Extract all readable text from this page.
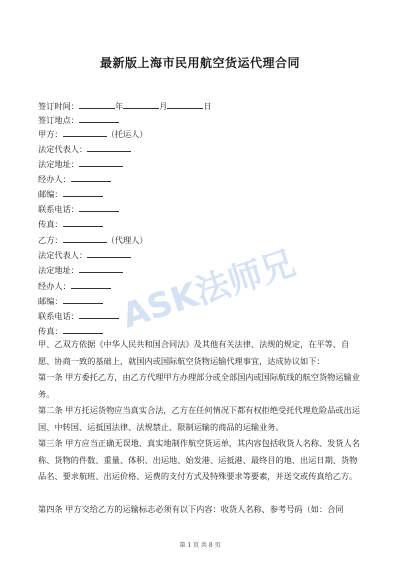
最新版上海市民用航空货运代理合同
签订时间：	年	月	日
签订地点：
甲方：	（托运人）
法定代表人：
法定地址：
经办人：
邮编：
联系电话：
传真：
乙方：	（代理人）
法定代表人：
法定地址：
经办人：
邮编：
联系电话：
传真：
甲、乙双方依据《中华人民共和国合同法》及其他有关法律、法规的规定，在平等、自愿、协商一致的基础上，就国内或国际航空货物运输代理事宜，达成协议如下：
第一条 甲方委托乙方，由乙方代理甲方办理部分或全部国内或国际航线的航空货物运输业务。
第二条 甲方托运货物应当真实合法，乙方在任何情况下都有权拒绝受托代理危险品或出运国、中转国、运抵国法律、法规禁止、限制运输的商品的运输业务。
第三条 甲方应当正确无误地、真实地制作航空货运单，其内容包括收货人名称、发货人名称、货物的件数、重量、体积、出运地、始发港、运抵港、最终目的地、出运日期、货物品名、要求航班、出运价格、运费的支付方式及特殊要求等要素，并送交或传真给乙方。
第四条 甲方交给乙方的运输标志必须有以下内容：收货人名称、参考号码（如：合同
ASK法师兄
第 1 页 共 8 页
